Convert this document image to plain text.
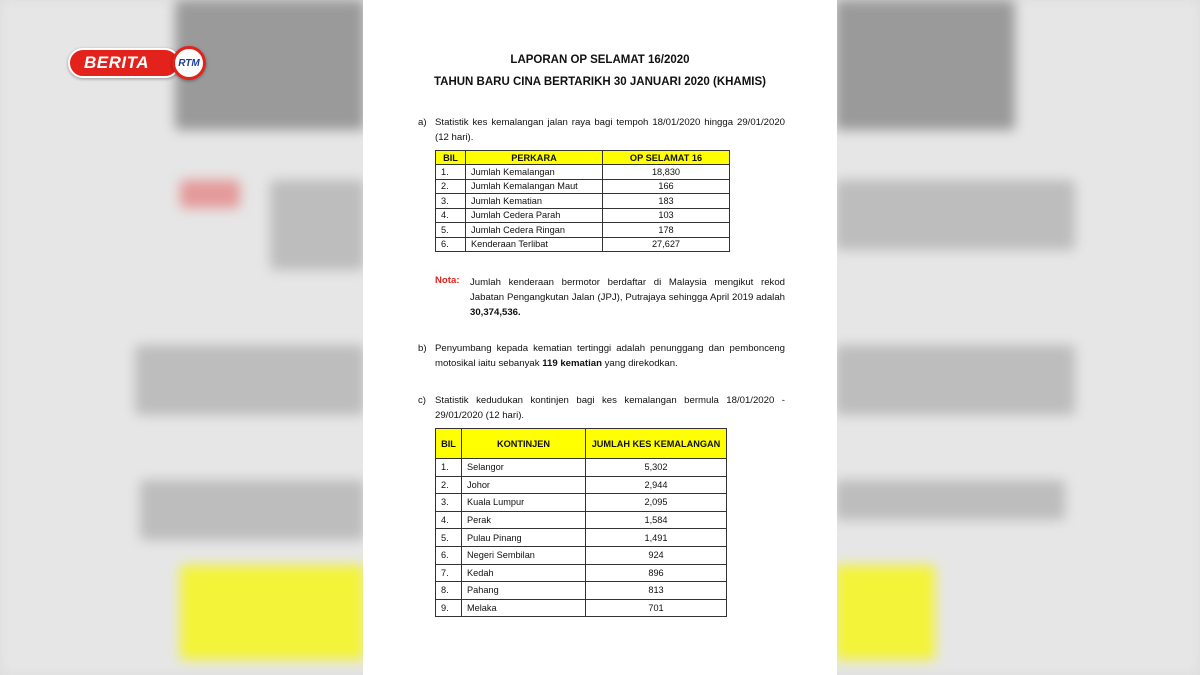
BERITA	RTM	LAPORAN OP SELAMAT 16/2020
TAHUN BARU CINA BERTARIKH 30 JANUARI 2020 (KHAMIS)
a) Statistik kes kemalangan jalan raya bagi tempoh 18/01/2020 hingga 29/01/2020 (12 hari).
BIL	PERKARA	OP SELAMAT 16
1.	Jumlah Kemalangan	18,830
2.	Jumlah Kemalangan Maut	166
3.	Jumlah Kematian	183
4.	Jumlah Cedera Parah	103
5.	Jumlah Cedera Ringan	178
6.	Kenderaan Terlibat	27,627
Nota: Jumlah kenderaan bermotor berdaftar di Malaysia mengikut rekod Jabatan Pengangkutan Jalan (JPJ), Putrajaya sehingga April 2019 adalah 30,374,536.
b) Penyumbang kepada kematian tertinggi adalah penunggang dan pembonceng motosikal iaitu sebanyak 119 kematian yang direkodkan.
c) Statistik kedudukan kontinjen bagi kes kemalangan bermula 18/01/2020 - 29/01/2020 (12 hari).
BIL	KONTINJEN	JUMLAH KES KEMALANGAN
1.	Selangor	5,302
2.	Johor	2,944
3.	Kuala Lumpur	2,095
4.	Perak	1,584
5.	Pulau Pinang	1,491
6.	Negeri Sembilan	924
7.	Kedah	896
8.	Pahang	813
9.	Melaka	701
